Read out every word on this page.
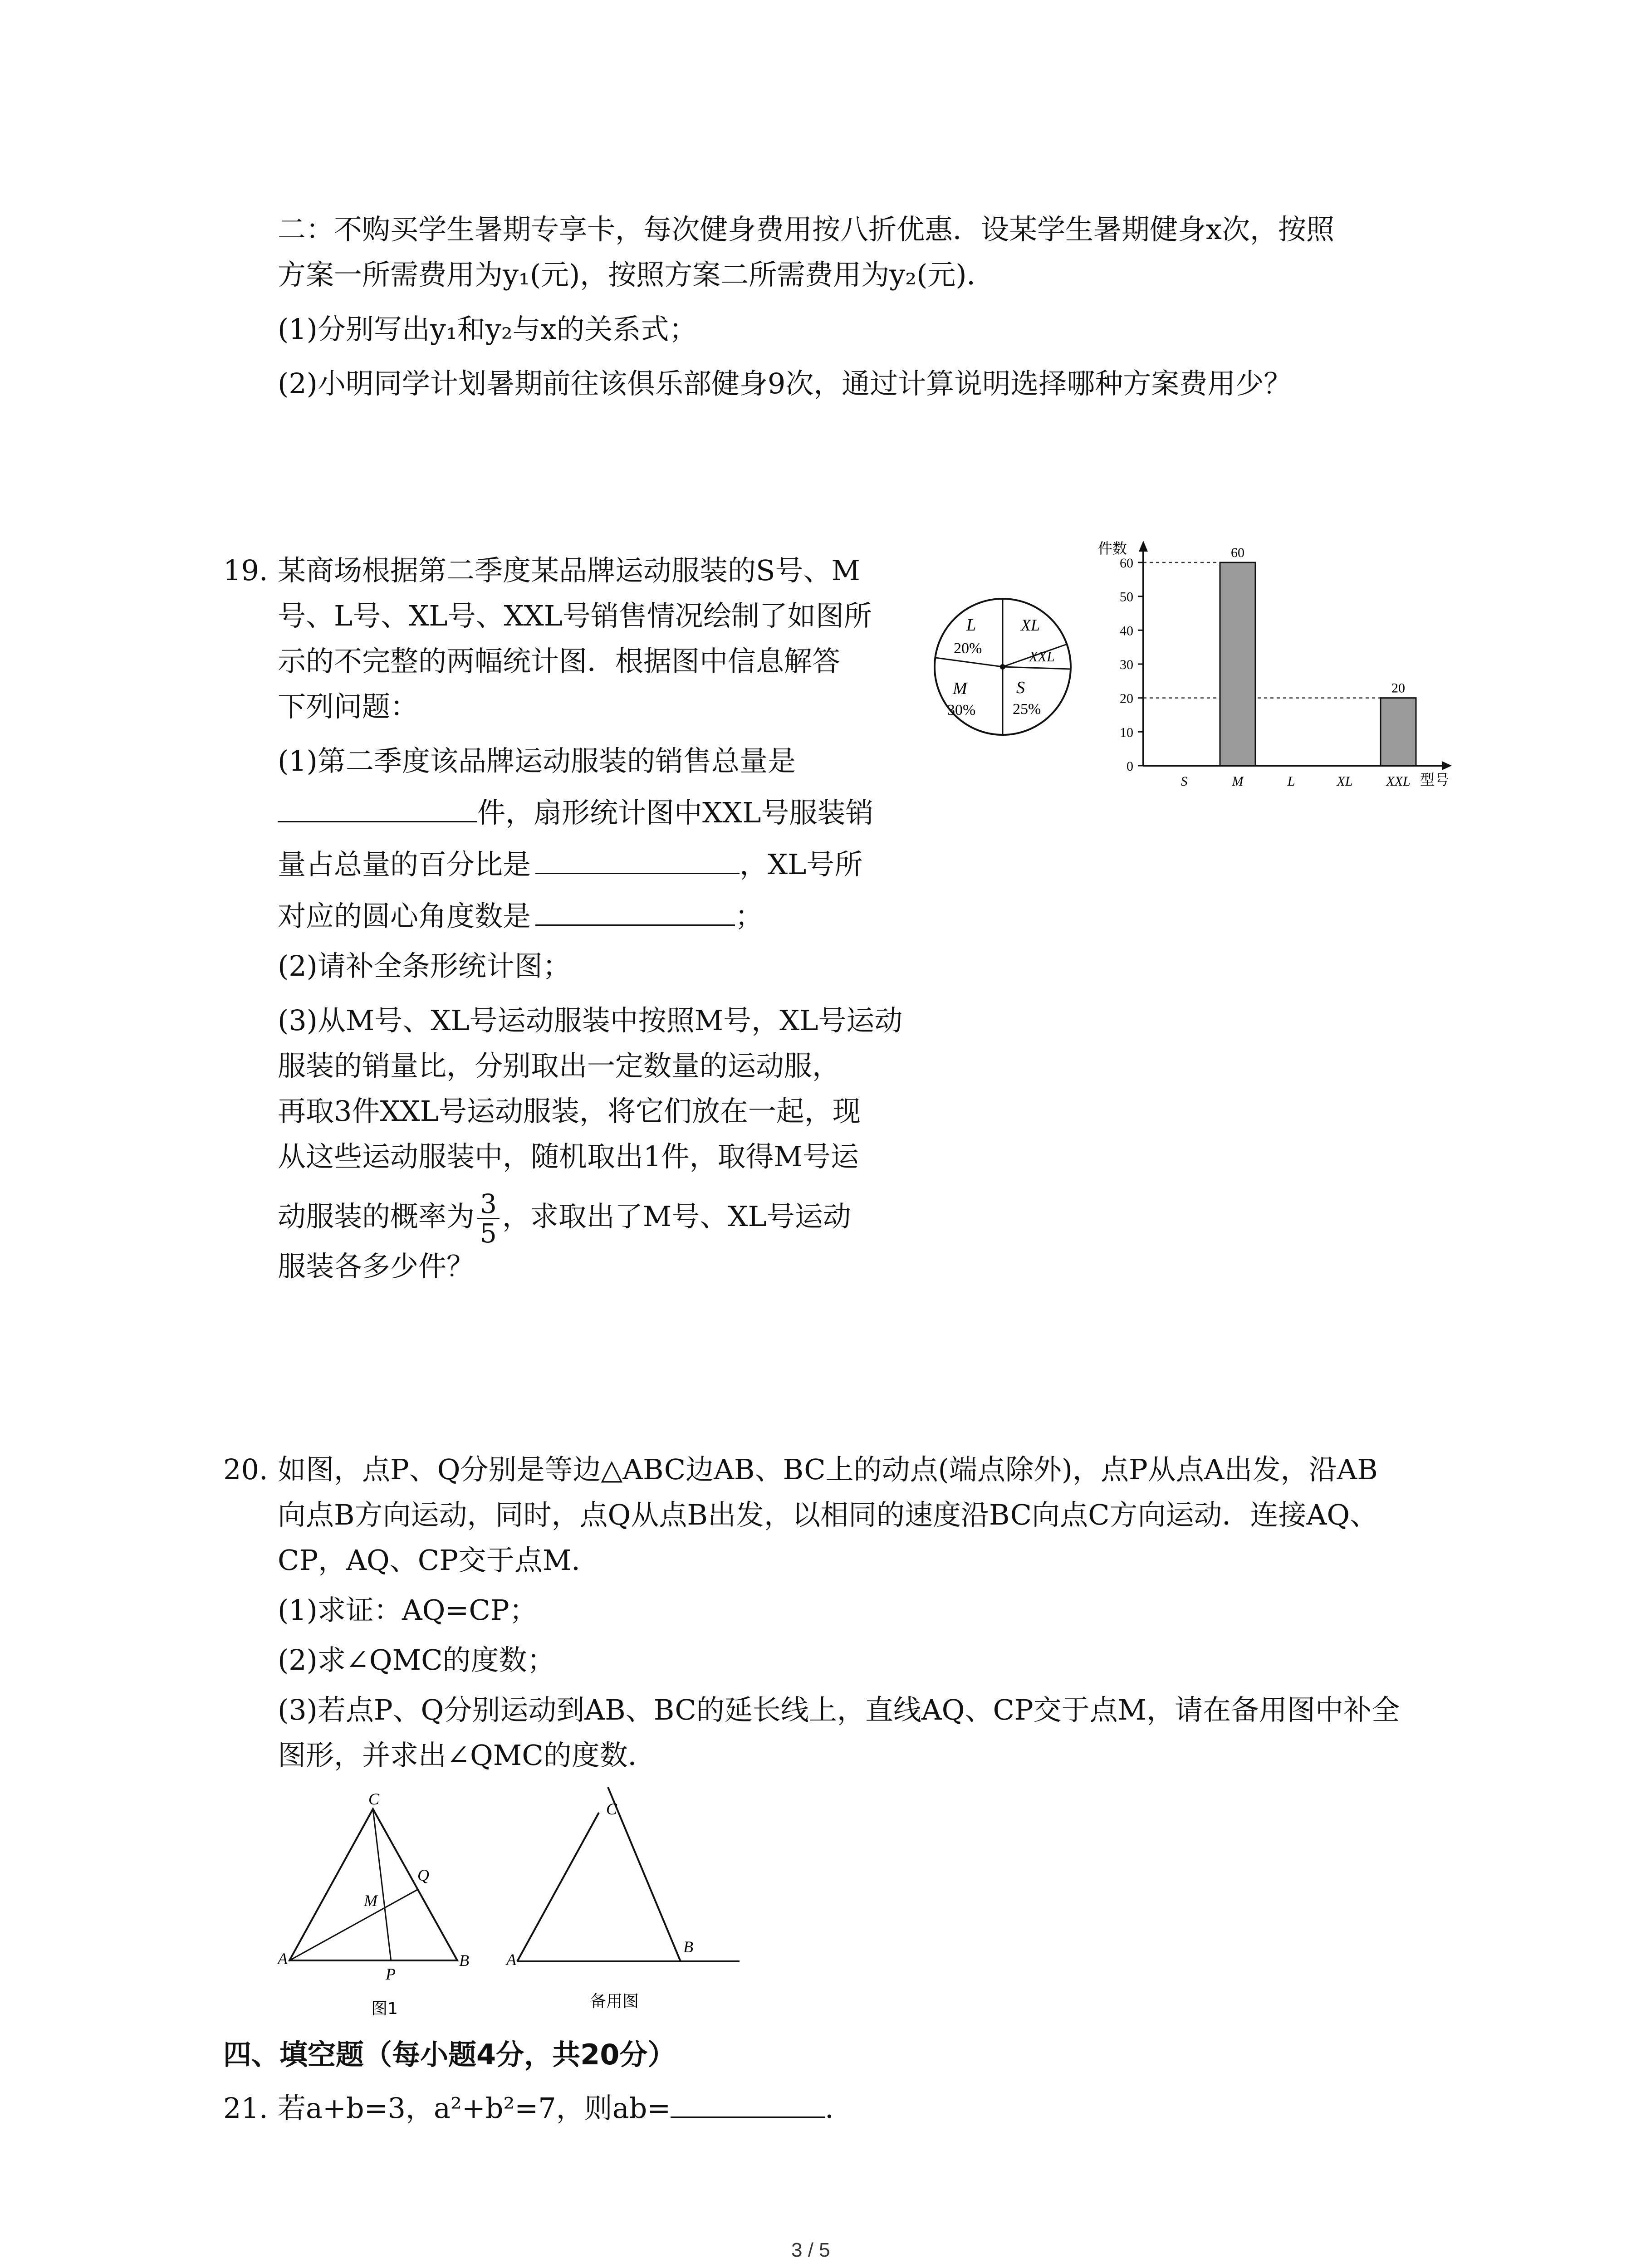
二：不购买学生暑期专享卡，每次健身费用按八折优惠．设某学生暑期健身x次，按照
方案一所需费用为y₁(元)，按照方案二所需费用为y₂(元)．
(1)分别写出y₁和y₂与x的关系式；
(2)小明同学计划暑期前往该俱乐部健身9次，通过计算说明选择哪种方案费用少？
19. 某商场根据第二季度某品牌运动服装的S号、M
号、L号、XL号、XXL号销售情况绘制了如图所
示的不完整的两幅统计图．根据图中信息解答
下列问题：
(1)第二季度该品牌运动服装的销售总量是
件，扇形统计图中XXL号服装销
量占总量的百分比是	，XL号所
对应的圆心角度数是	；
(2)请补全条形统计图；
(3)从M号、XL号运动服装中按照M号，XL号运动
服装的销量比，分别取出一定数量的运动服，
再取3件XXL号运动服装，将它们放在一起，现
从这些运动服装中，随机取出1件，取得M号运
动服装的概率为 $\frac{3}{5}$ ，求取出了M号、XL号运动
服装各多少件？
L
20%
XL
XXL
S
25%
M
30%
件数
型号
0
10
20
30
40
50
60
60
20
S	M	L	XL XXL
20. 如图，点P、Q分别是等边△ABC边AB、BC上的动点(端点除外)，点P从点A出发，沿AB
向点B方向运动，同时，点Q从点B出发，以相同的速度沿BC向点C方向运动．连接AQ、
CP，AQ、CP交于点M．
(1)求证：AQ=CP；
(2)求∠QMC的度数；
(3)若点P、Q分别运动到AB、BC的延长线上，直线AQ、CP交于点M，请在备用图中补全
图形，并求出∠QMC的度数．
C
Q
M
A	B
P
图1
C
A
B
备用图
四、填空题（每小题4分，共20分）
21. 若a+b=3，a²+b²=7，则ab=	．
3 / 5
